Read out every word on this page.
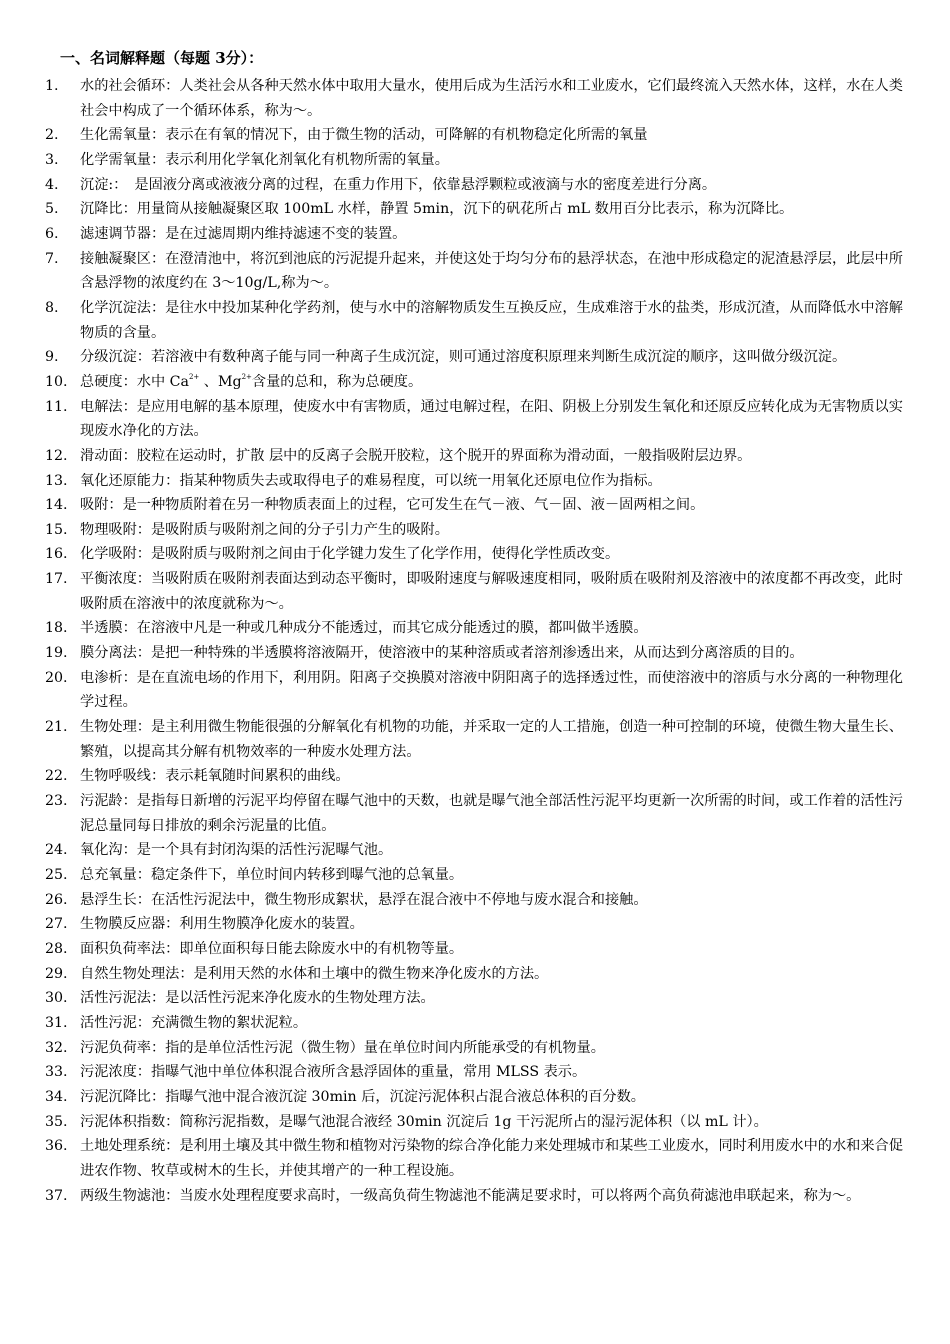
一、名词解释题（每题 3分）：
1. 水的社会循环：人类社会从各种天然水体中取用大量水，使用后成为生活污水和工业废水，它们最终流入天然水体，这样，水在人类社会中构成了一个循环体系，称为～。
2. 生化需氧量：表示在有氧的情况下，由于微生物的活动，可降解的有机物稳定化所需的氧量
3. 化学需氧量：表示利用化学氧化剂氧化有机物所需的氧量。
4. 沉淀:：　是固液分离或液液分离的过程，在重力作用下，依靠悬浮颗粒或液滴与水的密度差进行分离。
5. 沉降比：用量筒从接触凝聚区取 100mL 水样，静置 5min，沉下的矾花所占 mL 数用百分比表示，称为沉降比。
6. 滤速调节器：是在过滤周期内维持滤速不变的装置。
7. 接触凝聚区：在澄清池中，将沉到池底的污泥提升起来，并使这处于均匀分布的悬浮状态，在池中形成稳定的泥渣悬浮层，此层中所含悬浮物的浓度约在 3～10g/L,称为～。
8. 化学沉淀法：是往水中投加某种化学药剂，使与水中的溶解物质发生互换反应，生成难溶于水的盐类，形成沉渣，从而降低水中溶解物质的含量。
9. 分级沉淀：若溶液中有数种离子能与同一种离子生成沉淀，则可通过溶度积原理来判断生成沉淀的顺序，这叫做分级沉淀。
10. 总硬度：水中 $Ca^{2+}$ 、$Mg^{2+}$含量的总和，称为总硬度。
11. 电解法：是应用电解的基本原理，使废水中有害物质，通过电解过程，在阳、阴极上分别发生氧化和还原反应转化成为无害物质以实现废水净化的方法。
12. 滑动面：胶粒在运动时，扩散 层中的反离子会脱开胶粒，这个脱开的界面称为滑动面，一般指吸附层边界。
13. 氧化还原能力：指某种物质失去或取得电子的难易程度，可以统一用氧化还原电位作为指标。
14. 吸附：是一种物质附着在另一种物质表面上的过程，它可发生在气－液、气－固、液－固两相之间。
15. 物理吸附：是吸附质与吸附剂之间的分子引力产生的吸附。
16. 化学吸附：是吸附质与吸附剂之间由于化学键力发生了化学作用，使得化学性质改变。
17. 平衡浓度：当吸附质在吸附剂表面达到动态平衡时，即吸附速度与解吸速度相同，吸附质在吸附剂及溶液中的浓度都不再改变，此时吸附质在溶液中的浓度就称为～。
18. 半透膜：在溶液中凡是一种或几种成分不能透过，而其它成分能透过的膜，都叫做半透膜。
19. 膜分离法：是把一种特殊的半透膜将溶液隔开，使溶液中的某种溶质或者溶剂渗透出来，从而达到分离溶质的目的。
20. 电渗析：是在直流电场的作用下，利用阴。阳离子交换膜对溶液中阴阳离子的选择透过性，而使溶液中的溶质与水分离的一种物理化学过程。
21. 生物处理：是主利用微生物能很强的分解氧化有机物的功能，并采取一定的人工措施，创造一种可控制的环境，使微生物大量生长、繁殖，以提高其分解有机物效率的一种废水处理方法。
22. 生物呼吸线：表示耗氧随时间累积的曲线。
23. 污泥龄：是指每日新增的污泥平均停留在曝气池中的天数，也就是曝气池全部活性污泥平均更新一次所需的时间，或工作着的活性污泥总量同每日排放的剩余污泥量的比值。
24. 氧化沟：是一个具有封闭沟渠的活性污泥曝气池。
25. 总充氧量：稳定条件下，单位时间内转移到曝气池的总氧量。
26. 悬浮生长：在活性污泥法中，微生物形成絮状，悬浮在混合液中不停地与废水混合和接触。
27. 生物膜反应器：利用生物膜净化废水的装置。
28. 面积负荷率法：即单位面积每日能去除废水中的有机物等量。
29. 自然生物处理法：是利用天然的水体和土壤中的微生物来净化废水的方法。
30. 活性污泥法：是以活性污泥来净化废水的生物处理方法。
31. 活性污泥：充满微生物的絮状泥粒。
32. 污泥负荷率：指的是单位活性污泥（微生物）量在单位时间内所能承受的有机物量。
33. 污泥浓度：指曝气池中单位体积混合液所含悬浮固体的重量，常用 MLSS 表示。
34. 污泥沉降比：指曝气池中混合液沉淀 30min 后，沉淀污泥体积占混合液总体积的百分数。
35. 污泥体积指数：简称污泥指数，是曝气池混合液经 30min 沉淀后 1g 干污泥所占的湿污泥体积（以 mL 计）。
36. 土地处理系统：是利用土壤及其中微生物和植物对污染物的综合净化能力来处理城市和某些工业废水，同时利用废水中的水和来合促进农作物、牧草或树木的生长，并使其增产的一种工程设施。
37. 两级生物滤池：当废水处理程度要求高时，一级高负荷生物滤池不能满足要求时，可以将两个高负荷滤池串联起来，称为～。
